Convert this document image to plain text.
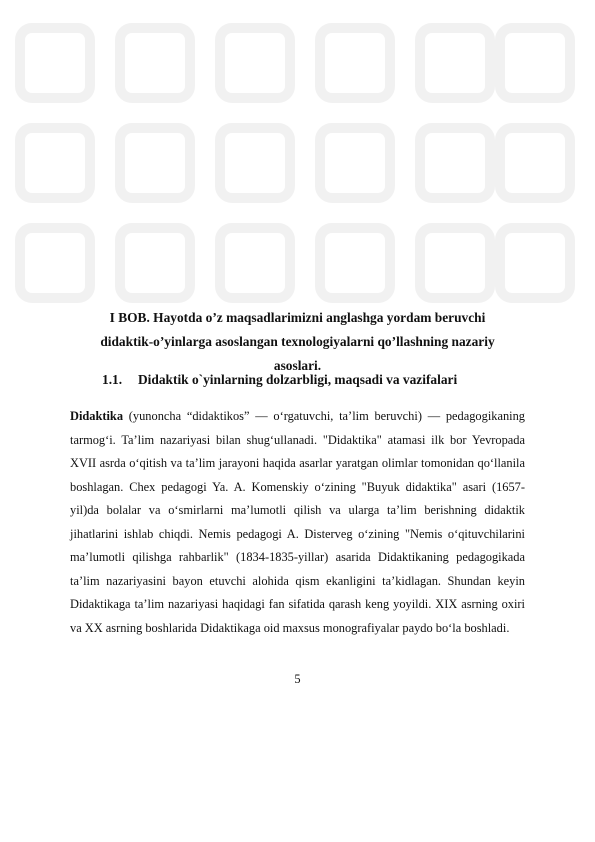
I BOB. Hayotda o’z maqsadlarimizni anglashga yordam beruvchi
didaktik-o’yinlarga asoslangan texnologiyalarni qo’llashning nazariy
asoslari.
1.1. Didaktik o`yinlarning dolzarbligi, maqsadi va vazifalari
Didaktika (yunoncha “didaktikos” — o‘rgatuvchi, ta’lim beruvchi) — pedagogikaning tarmog‘i. Ta’lim nazariyasi bilan shug‘ullanadi. "Didaktika" atamasi ilk bor Yevropada XVII asrda o‘qitish va ta’lim jarayoni haqida asarlar yaratgan olimlar tomonidan qo‘llanila boshlagan. Chex pedagogi Ya. A. Komenskiy o‘zining "Buyuk didaktika" asari (1657-yil)da bolalar va o‘smirlarni ma’lumotli qilish va ularga ta’lim berishning didaktik jihatlarini ishlab chiqdi. Nemis pedagogi A. Disterveg o‘zining "Nemis o‘qituvchilarini ma’lumotli qilishga rahbarlik" (1834-1835-yillar) asarida Didaktikaning pedagogikada ta’lim nazariyasini bayon etuvchi alohida qism ekanligini ta’kidlagan. Shundan keyin Didaktikaga ta’lim nazariyasi haqidagi fan sifatida qarash keng yoyildi. XIX asrning oxiri va XX asrning boshlarida Didaktikaga oid maxsus monografiyalar paydo bo‘la boshladi.
5
